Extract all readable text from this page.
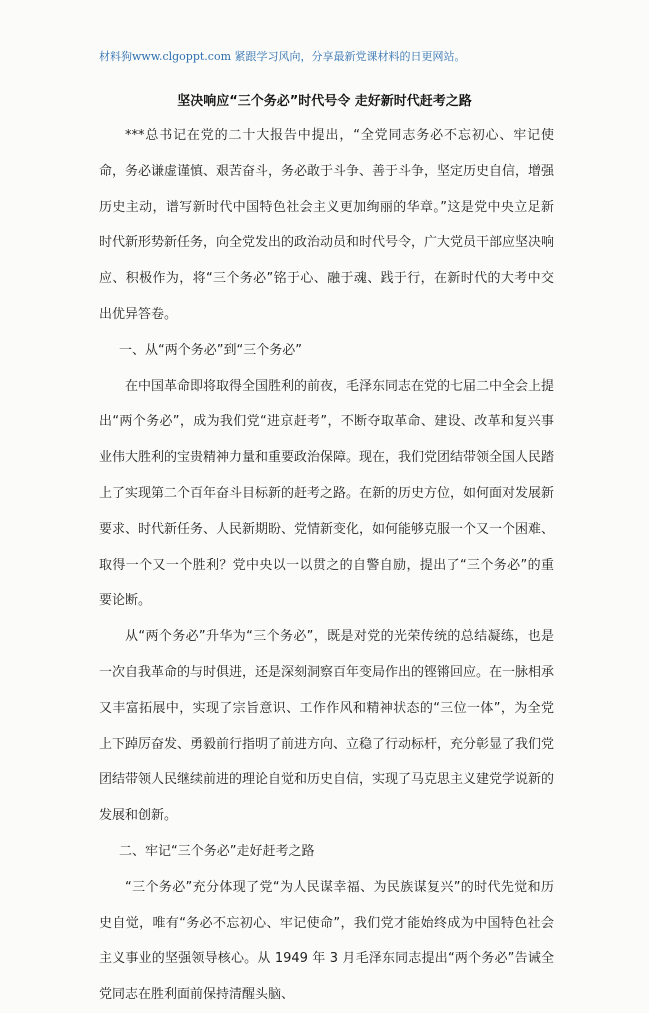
材料狗www.clgoppt.com 紧跟学习风向，分享最新党课材料的日更网站。
坚决响应“三个务必”时代号令 走好新时代赶考之路

***总书记在党的二十大报告中提出，“全党同志务必不忘初心、牢记使命，务必谦虚谨慎、艰苦奋斗，务必敢于斗争、善于斗争，坚定历史自信，增强历史主动，谱写新时代中国特色社会主义更加绚丽的华章。”这是党中央立足新时代新形势新任务，向全党发出的政治动员和时代号令，广大党员干部应坚决响应、积极作为，将“三个务必”铭于心、融于魂、践于行，在新时代的大考中交出优异答卷。

一、从“两个务必”到“三个务必”

在中国革命即将取得全国胜利的前夜，毛泽东同志在党的七届二中全会上提出“两个务必”，成为我们党“进京赶考”，不断夺取革命、建设、改革和复兴事业伟大胜利的宝贵精神力量和重要政治保障。现在，我们党团结带领全国人民踏上了实现第二个百年奋斗目标新的赶考之路。在新的历史方位，如何面对发展新要求、时代新任务、人民新期盼、党情新变化，如何能够克服一个又一个困难、取得一个又一个胜利？党中央以一以贯之的自警自励，提出了“三个务必”的重要论断。

从“两个务必”升华为“三个务必”，既是对党的光荣传统的总结凝练，也是一次自我革命的与时俱进，还是深刻洞察百年变局作出的铿锵回应。在一脉相承又丰富拓展中，实现了宗旨意识、工作作风和精神状态的“三位一体”，为全党上下踔厉奋发、勇毅前行指明了前进方向、立稳了行动标杆，充分彰显了我们党团结带领人民继续前进的理论自觉和历史自信，实现了马克思主义建党学说新的发展和创新。

二、牢记“三个务必”走好赶考之路

“三个务必”充分体现了党“为人民谋幸福、为民族谋复兴”的时代先觉和历史自觉，唯有“务必不忘初心、牢记使命”，我们党才能始终成为中国特色社会主义事业的坚强领导核心。从 1949 年 3 月毛泽东同志提出“两个务必”告诫全党同志在胜利面前保持清醒头脑、
